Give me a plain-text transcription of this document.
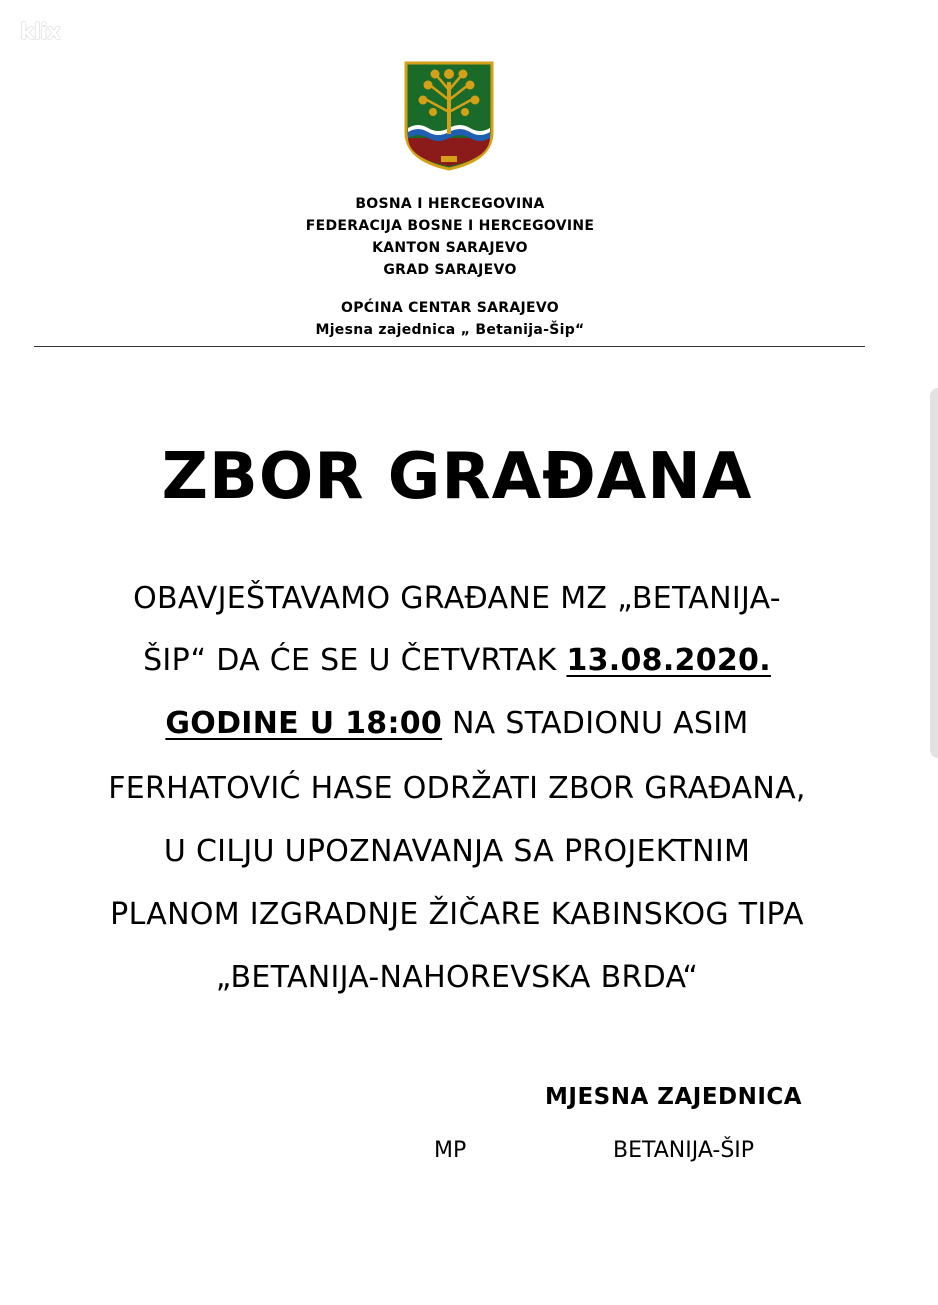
klix
BOSNA I HERCEGOVINA
FEDERACIJA BOSNE I HERCEGOVINE
KANTON SARAJEVO
GRAD SARAJEVO
OPĆINA CENTAR SARAJEVO
Mjesna zajednica „ Betanija-Šip“
ZBOR GRAĐANA
OBAVJEŠTAVAMO GRAĐANE MZ „BETANIJA-
ŠIP“ DA ĆE SE U ČETVRTAK 13.08.2020.
GODINE U 18:00 NA STADIONU ASIM
FERHATOVIĆ HASE ODRŽATI ZBOR GRAĐANA,
U CILJU UPOZNAVANJA SA PROJEKTNIM
PLANOM IZGRADNJE ŽIČARE KABINSKOG TIPA
„BETANIJA-NAHOREVSKA BRDA“
MJESNA ZAJEDNICA
MP	BETANIJA-ŠIP
